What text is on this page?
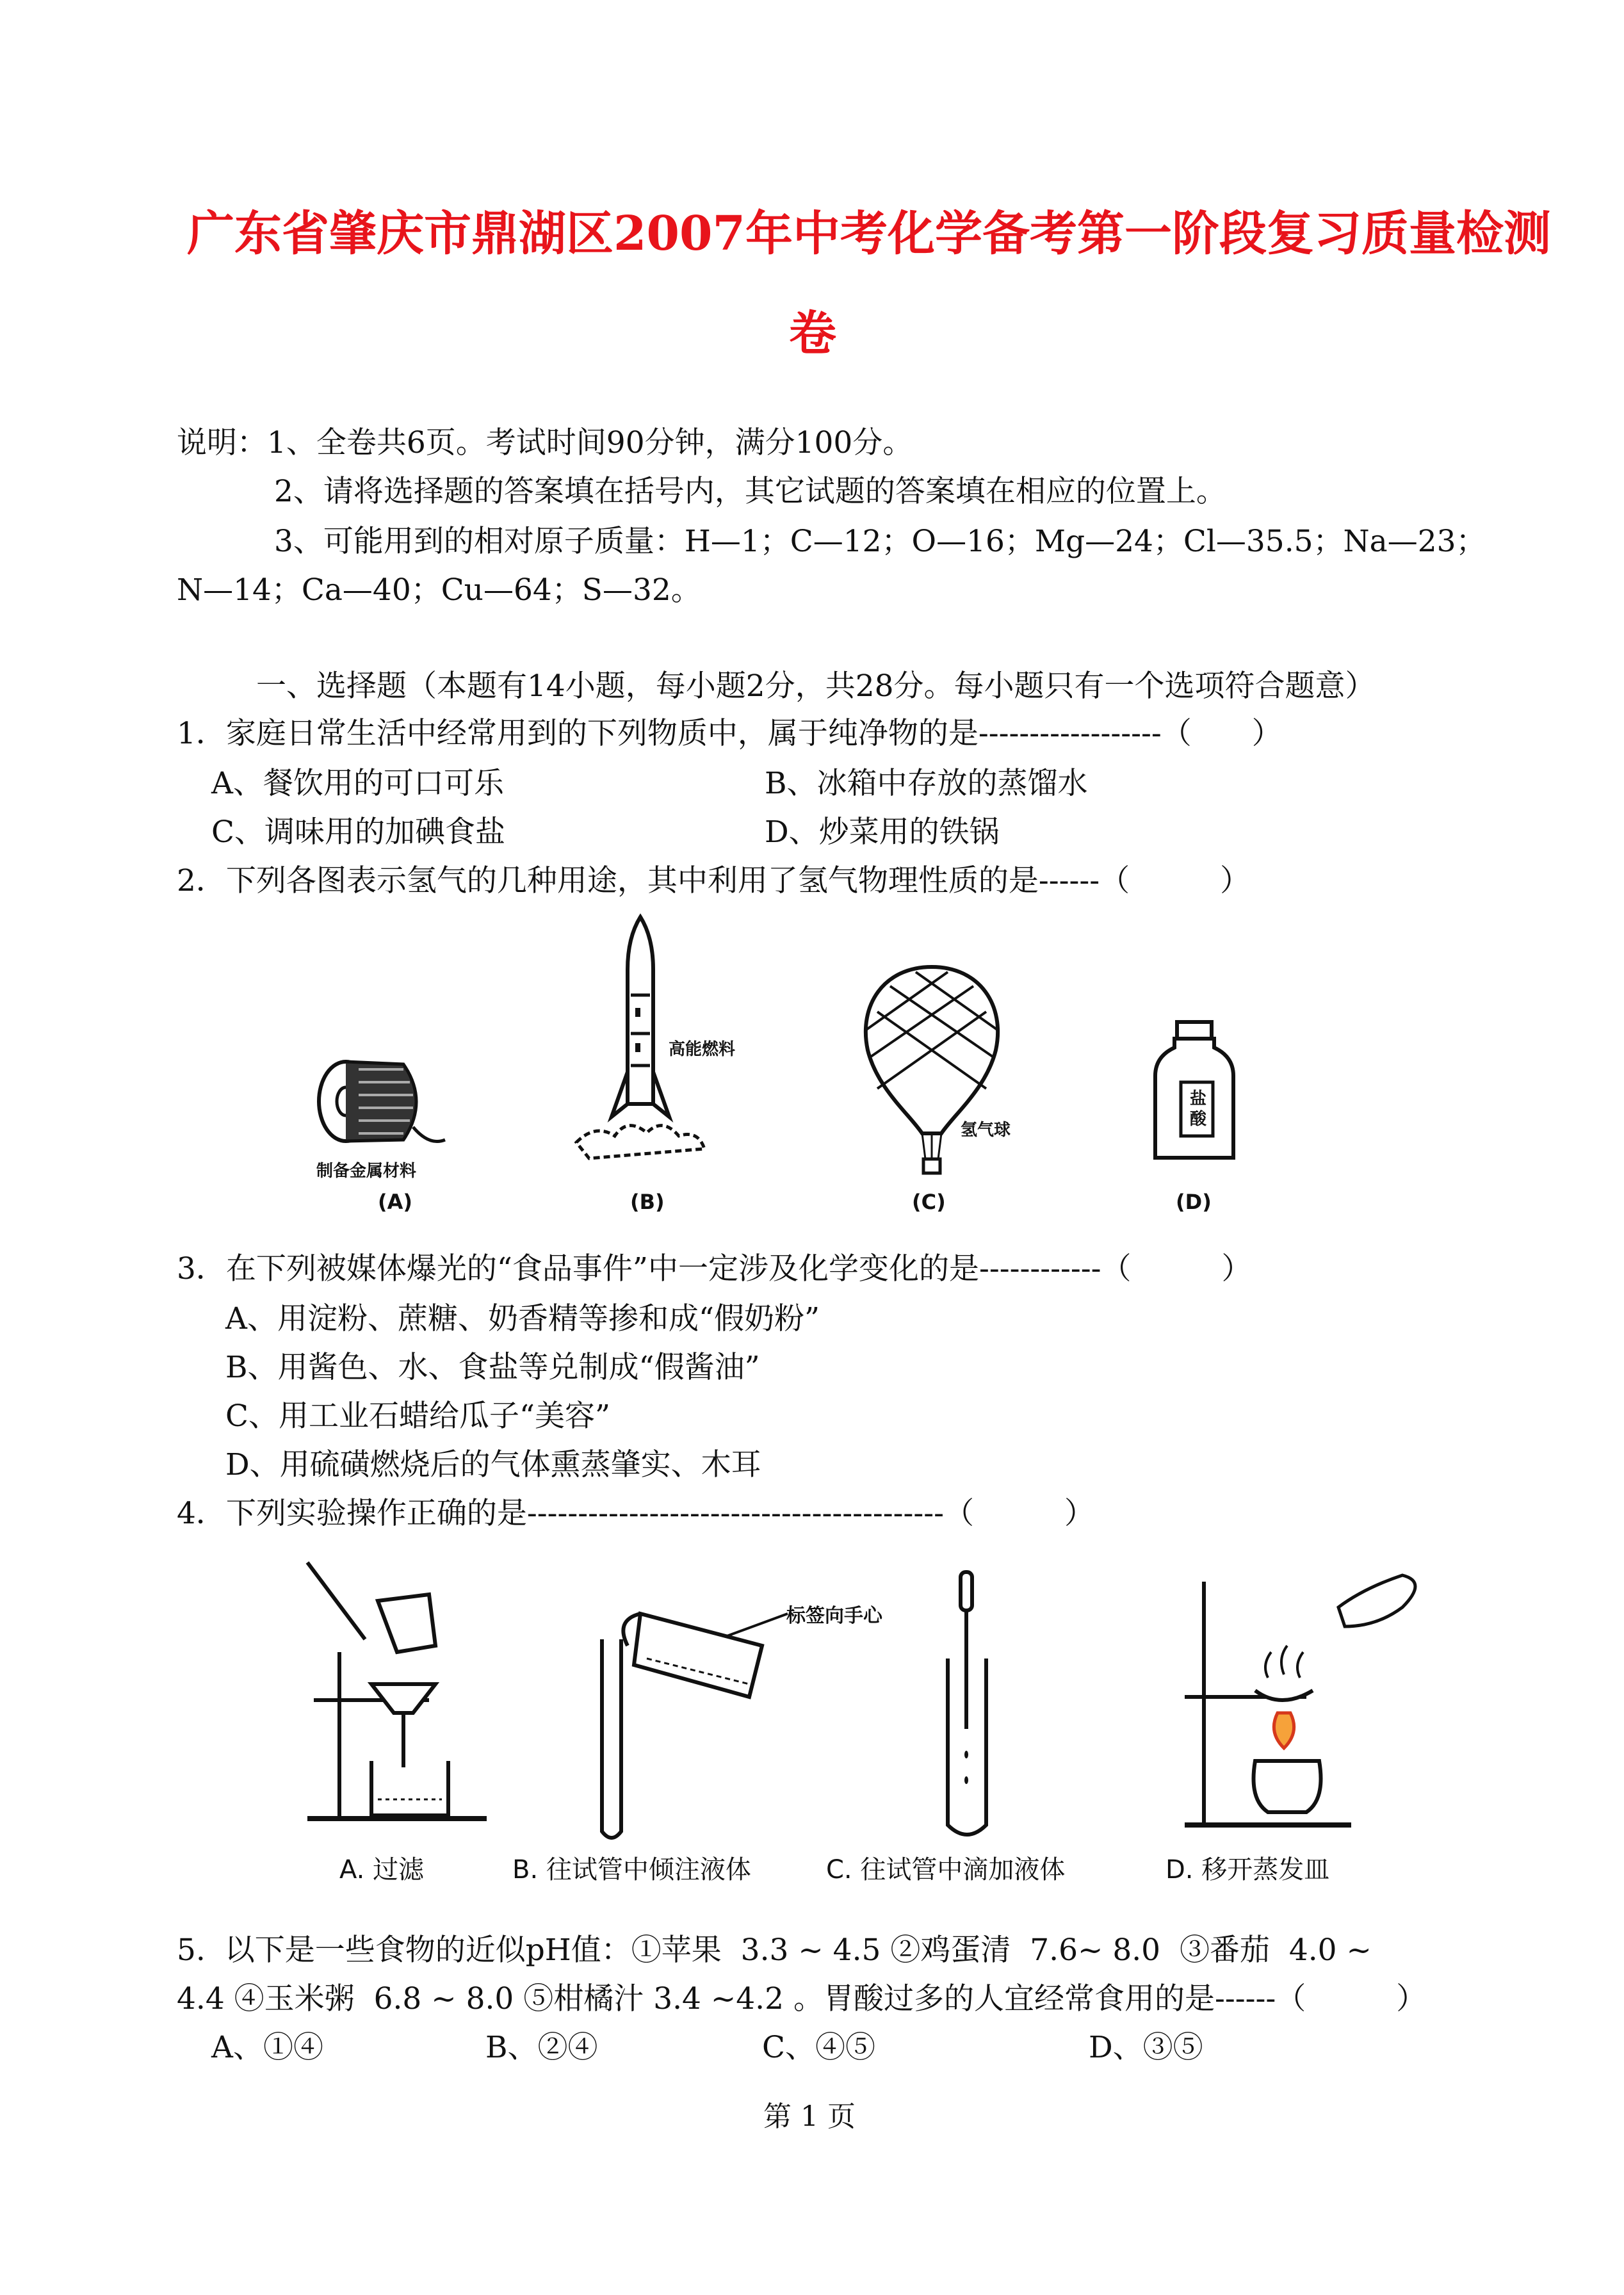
广东省肇庆市鼎湖区2007年中考化学备考第一阶段复习质量检测
卷
说明：1、全卷共6页。考试时间90分钟，满分100分。
2、请将选择题的答案填在括号内，其它试题的答案填在相应的位置上。
3、可能用到的相对原子质量：H—1；C—12；O—16；Mg—24；Cl—35.5；Na—23；
N—14；Ca—40；Cu—64；S—32。
一、选择题（本题有14小题，每小题2分，共28分。每小题只有一个选项符合题意）
1．家庭日常生活中经常用到的下列物质中，属于纯净物的是------------------（　　）
A、餐饮用的可口可乐	B、冰箱中存放的蒸馏水
C、调味用的加碘食盐	D、炒菜用的铁锅
2．下列各图表示氢气的几种用途，其中利用了氢气物理性质的是------（　　　）
制备金属材料
高能燃料
氢气球
盐
酸
(A)	(B)	(C)	(D)
3．在下列被媒体爆光的“食品事件”中一定涉及化学变化的是------------（　　　）
A、用淀粉、蔗糖、奶香精等掺和成“假奶粉”
B、用酱色、水、食盐等兑制成“假酱油”
C、用工业石蜡给瓜子“美容”
D、用硫磺燃烧后的气体熏蒸肇实、木耳
4．下列实验操作正确的是-----------------------------------------（　　　）
A. 过滤
标签向手心
B. 往试管中倾注液体	C. 往试管中滴加液体	D. 移开蒸发皿
5.  以下是一些食物的近似pH值：①苹果  3.3 ~ 4.5 ②鸡蛋清  7.6~ 8.0  ③番茄  4.0 ~
4.4 ④玉米粥  6.8 ~ 8.0 ⑤柑橘汁 3.4 ~4.2 。胃酸过多的人宜经常食用的是------（　　　）
A、①④	B、②④	C、④⑤	D、③⑤
第 1 页
